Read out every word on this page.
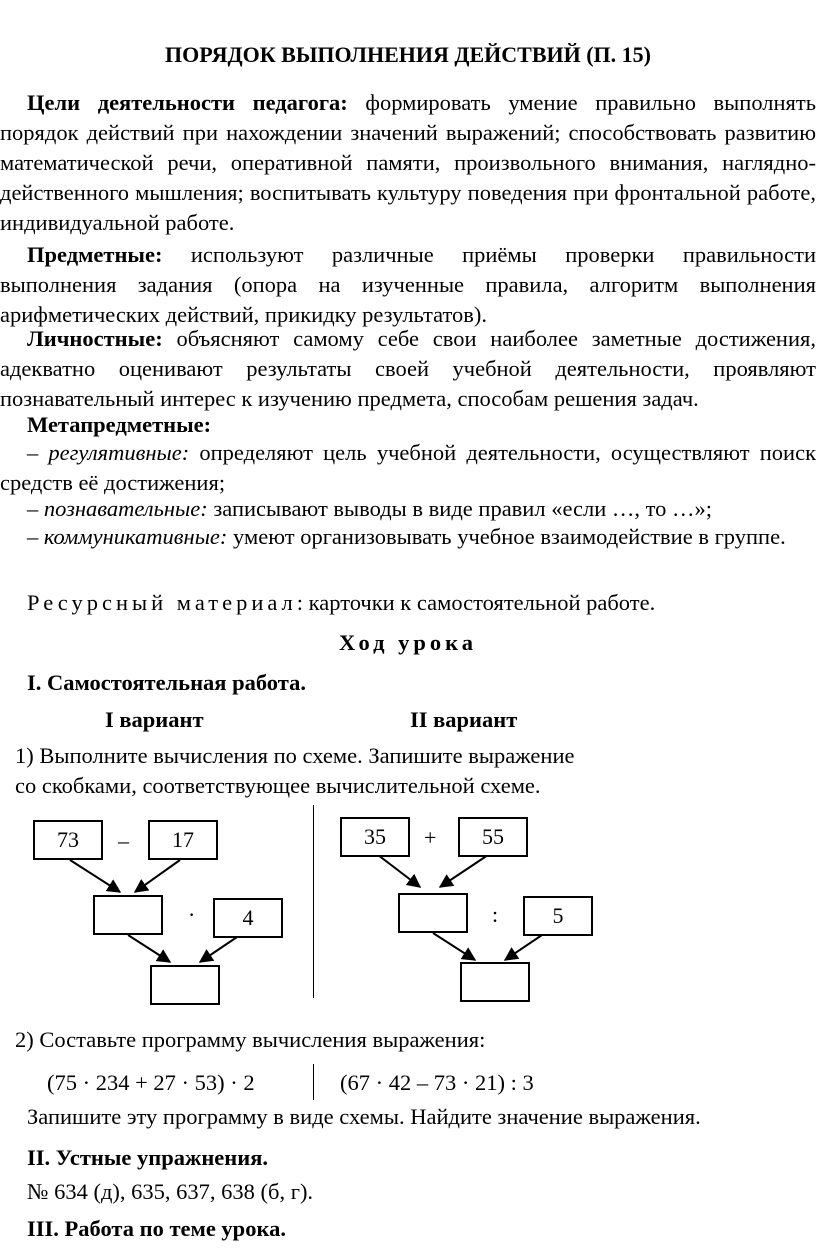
ПОРЯДОК ВЫПОЛНЕНИЯ ДЕЙСТВИЙ (П. 15)
Цели деятельности педагога: формировать умение правильно выполнять порядок действий при нахождении значений выражений; способствовать развитию математической речи, оперативной памяти, произвольного внимания, наглядно-действенного мышления; воспитывать культуру поведения при фронтальной работе, индивидуальной работе.
Предметные: используют различные приёмы проверки правильности выполнения задания (опора на изученные правила, алгоритм выполнения арифметических действий, прикидку результатов).
Личностные: объясняют самому себе свои наиболее заметные достижения, адекватно оценивают результаты своей учебной деятельности, проявляют познавательный интерес к изучению предмета, способам решения задач.
Метапредметные:
– регулятивные: определяют цель учебной деятельности, осуществляют поиск средств её достижения;
– познавательные: записывают выводы в виде правил «если …, то …»;
– коммуникативные: умеют организовывать учебное взаимодействие в группе.
Ресурсный материал: карточки к самостоятельной работе.
Ход урока
I. Самостоятельная работа.
I вариант	II вариант
1) Выполните вычисления по схеме. Запишите выражение
со скобками, соответствующее вычислительной схеме.
73	–	17
·	4
35	+	55
:	5
2) Составьте программу вычисления выражения:
(75 · 234 + 27 · 53) · 2	(67 · 42 – 73 · 21) : 3
Запишите эту программу в виде схемы. Найдите значение выражения.
II. Устные упражнения.
№ 634 (д), 635, 637, 638 (б, г).
III. Работа по теме урока.
